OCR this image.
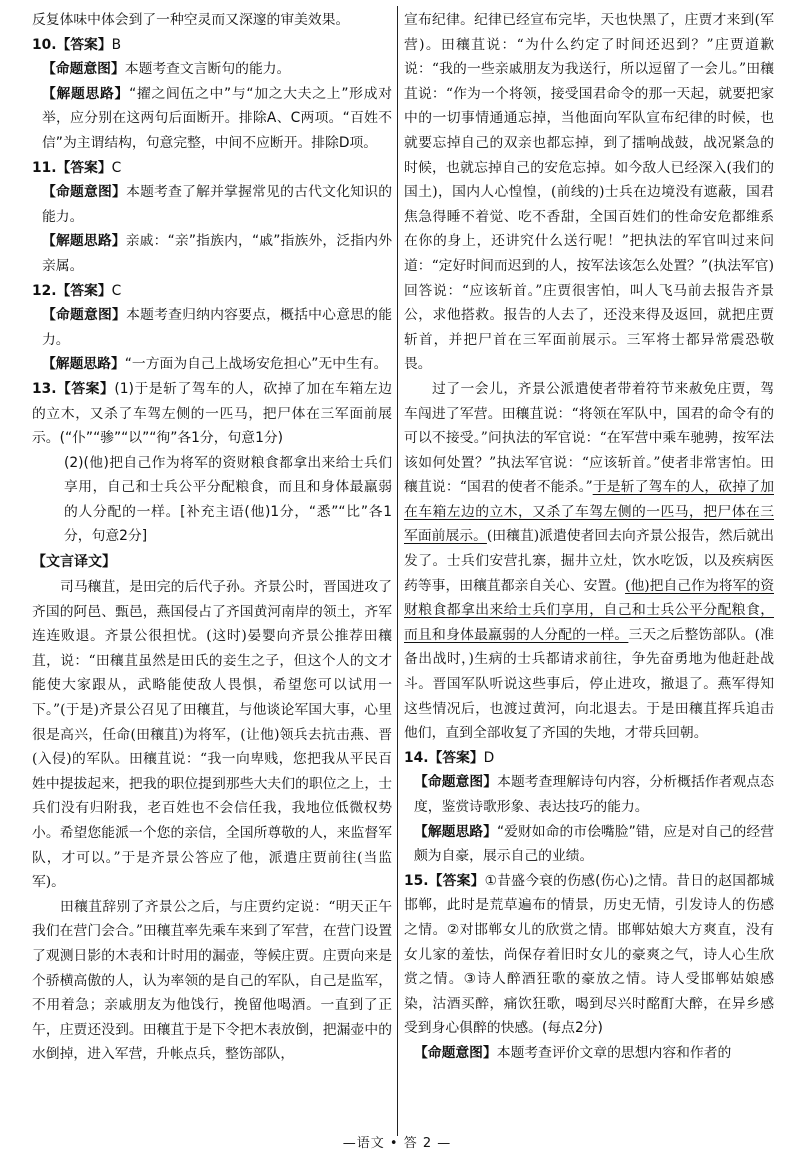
反复体味中体会到了一种空灵而又深邃的审美效果。

10.【答案】B

【命题意图】本题考查文言断句的能力。

【解题思路】“擢之闾伍之中”与“加之大夫之上”形成对举，应分别在这两句后面断开。排除A、C两项。“百姓不信”为主谓结构，句意完整，中间不应断开。排除D项。

11.【答案】C

【命题意图】本题考查了解并掌握常见的古代文化知识的能力。

【解题思路】亲戚：“亲”指族内，“戚”指族外，泛指内外亲属。

12.【答案】C

【命题意图】本题考查归纳内容要点，概括中心意思的能力。

【解题思路】“一方面为自己上战场安危担心”无中生有。

13.【答案】(1)于是斩了驾车的人，砍掉了加在车箱左边的立木，又杀了车驾左侧的一匹马，把尸体在三军面前展示。(“仆”“骖”“以”“徇”各1分，句意1分)

(2)(他)把自己作为将军的资财粮食都拿出来给士兵们享用，自己和士兵公平分配粮食，而且和身体最羸弱的人分配的一样。[补充主语(他)1分，“悉”“比”各1分，句意2分]

【文言译文】

司马穰苴，是田完的后代子孙。齐景公时，晋国进攻了齐国的阿邑、甄邑，燕国侵占了齐国黄河南岸的领土，齐军连连败退。齐景公很担忧。(这时)晏婴向齐景公推荐田穰苴，说：“田穰苴虽然是田氏的妾生之子，但这个人的文才能使大家跟从，武略能使敌人畏惧，希望您可以试用一下。”(于是)齐景公召见了田穰苴，与他谈论军国大事，心里很是高兴，任命(田穰苴)为将军，(让他)领兵去抗击燕、晋(入侵)的军队。田穰苴说：“我一向卑贱，您把我从平民百姓中提拔起来，把我的职位提到那些大夫们的职位之上，士兵们没有归附我，老百姓也不会信任我，我地位低微权势小。希望您能派一个您的亲信，全国所尊敬的人，来监督军队，才可以。”于是齐景公答应了他，派遣庄贾前往(当监军)。

田穰苴辞别了齐景公之后，与庄贾约定说：“明天正午我们在营门会合。”田穰苴率先乘车来到了军营，在营门设置了观测日影的木表和计时用的漏壶，等候庄贾。庄贾向来是个骄横高傲的人，认为率领的是自己的军队，自己是监军，不用着急；亲戚朋友为他饯行，挽留他喝酒。一直到了正午，庄贾还没到。田穰苴于是下令把木表放倒，把漏壶中的水倒掉，进入军营，升帐点兵，整饬部队，

宣布纪律。纪律已经宣布完毕，天也快黑了，庄贾才来到(军营)。田穰苴说：“为什么约定了时间还迟到？”庄贾道歉说：“我的一些亲戚朋友为我送行，所以逗留了一会儿。”田穰苴说：“作为一个将领，接受国君命令的那一天起，就要把家中的一切事情通通忘掉，当他面向军队宣布纪律的时候，也就要忘掉自己的双亲也都忘掉，到了擂响战鼓，战况紧急的时候，也就忘掉自己的安危忘掉。如今敌人已经深入(我们的国土)，国内人心惶惶，(前线的)士兵在边境没有遮蔽，国君焦急得睡不着觉、吃不香甜，全国百姓们的性命安危都维系在你的身上，还讲究什么送行呢！”把执法的军官叫过来问道：“定好时间而迟到的人，按军法该怎么处置？”(执法军官)回答说：“应该斩首。”庄贾很害怕，叫人飞马前去报告齐景公，求他搭救。报告的人去了，还没来得及返回，就把庄贾斩首，并把尸首在三军面前展示。三军将士都异常震恐敬畏。

过了一会儿，齐景公派遣使者带着符节来赦免庄贾，驾车闯进了军营。田穰苴说：“将领在军队中，国君的命令有的可以不接受。”问执法的军官说：“在军营中乘车驰骋，按军法该如何处置？”执法军官说：“应该斩首。”使者非常害怕。田穰苴说：“国君的使者不能杀。”于是斩了驾车的人，砍掉了加在车箱左边的立木，又杀了车驾左侧的一匹马，把尸体在三军面前展示。(田穰苴)派遣使者回去向齐景公报告，然后就出发了。士兵们安营扎寨，掘井立灶，饮水吃饭，以及疾病医药等事，田穰苴都亲自关心、安置。(他)把自己作为将军的资财粮食都拿出来给士兵们享用，自己和士兵公平分配粮食，而且和身体最羸弱的人分配的一样。三天之后整饬部队。(准备出战时，)生病的士兵都请求前往，争先奋勇地为他赶赴战斗。晋国军队听说这些事后，停止进攻，撤退了。燕军得知这些情况后，也渡过黄河，向北退去。于是田穰苴挥兵追击他们，直到全部收复了齐国的失地，才带兵回朝。

14.【答案】D

【命题意图】本题考查理解诗句内容，分析概括作者观点态度，鉴赏诗歌形象、表达技巧的能力。

【解题思路】“爱财如命的市侩嘴脸”错，应是对自己的经营颇为自豪，展示自己的业绩。

15.【答案】①昔盛今衰的伤感(伤心)之情。昔日的赵国都城邯郸，此时是荒草遍布的情景，历史无情，引发诗人的伤感之情。②对邯郸女儿的欣赏之情。邯郸姑娘大方爽直，没有女儿家的羞怯，尚保存着旧时女儿的豪爽之气，诗人心生欣赏之情。③诗人醉酒狂歌的豪放之情。诗人受邯郸姑娘感染，沽酒买醉，痛饮狂歌，喝到尽兴时酩酊大醉，在异乡感受到身心俱醉的快感。(每点2分)

【命题意图】本题考查评价文章的思想内容和作者的

—语文 • 答 2 —
